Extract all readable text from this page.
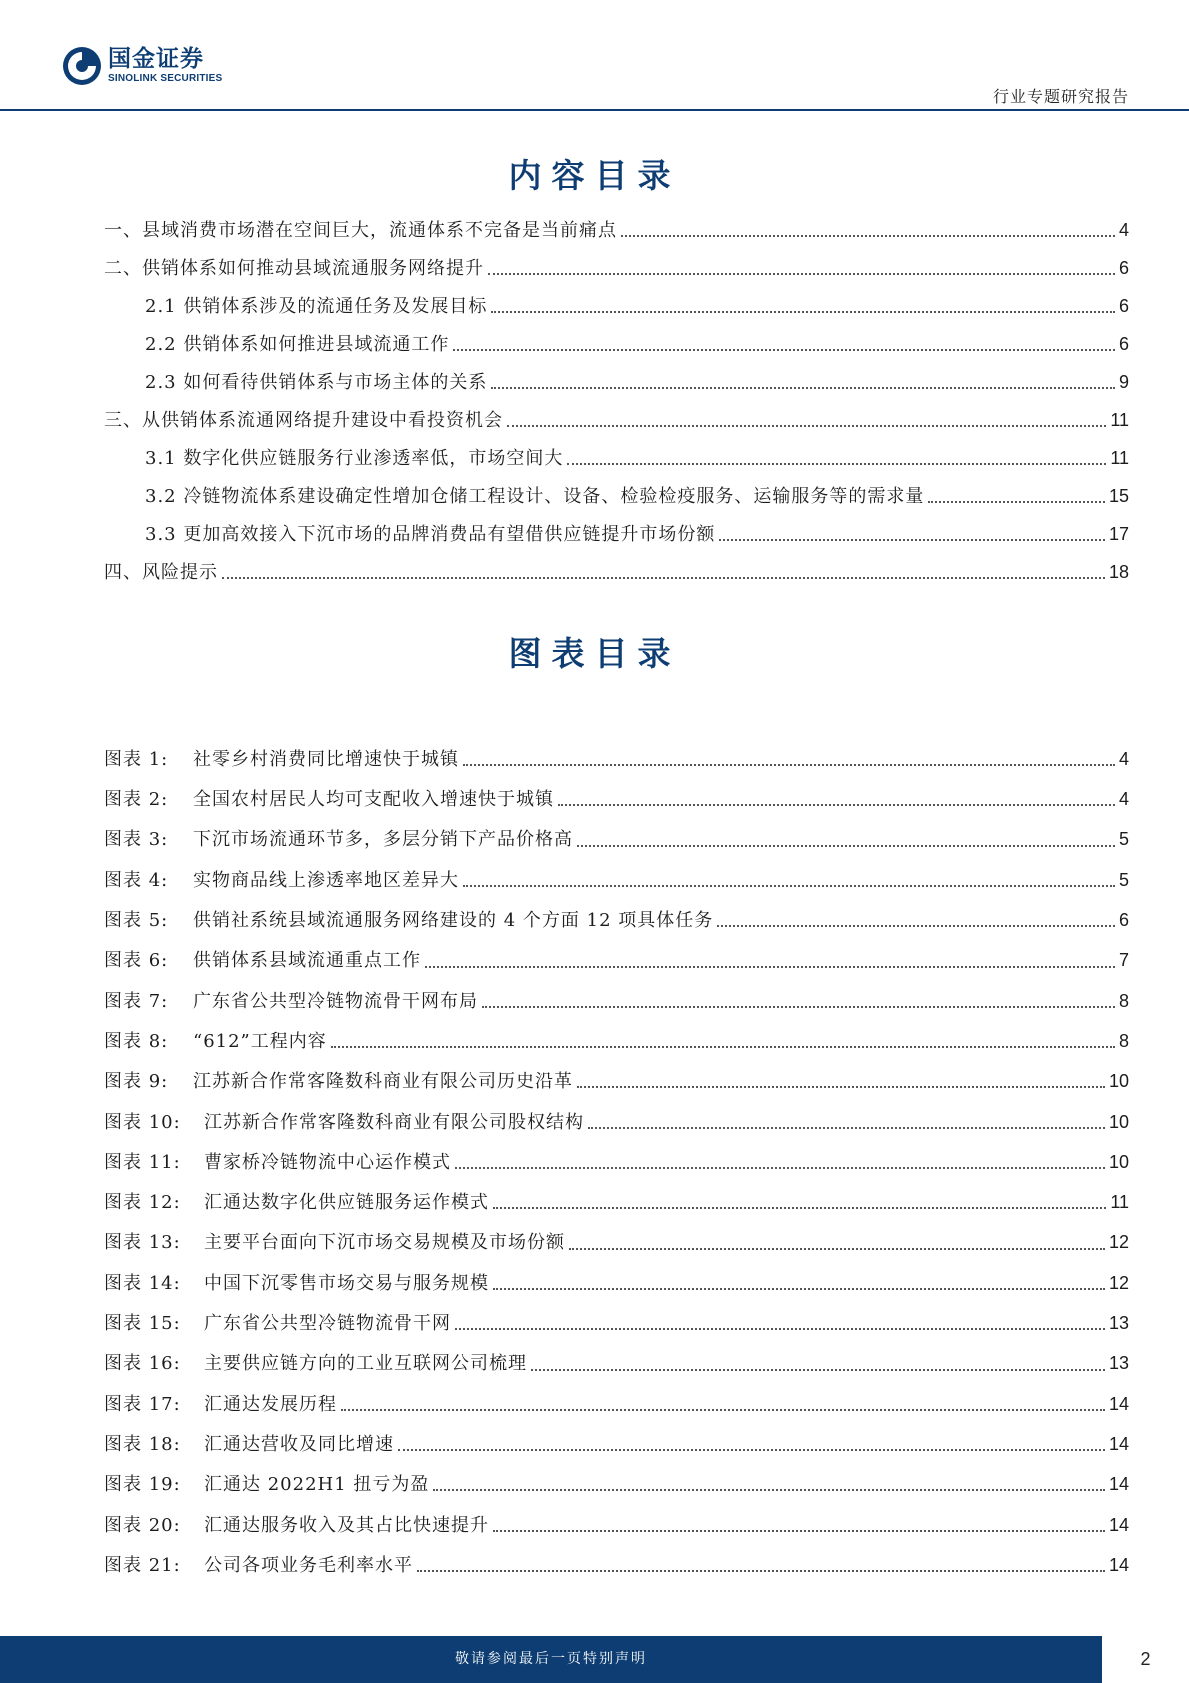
国金证券
SINOLINK SECURITIES
行业专题研究报告
内容目录
一、县域消费市场潜在空间巨大，流通体系不完备是当前痛点	4
二、供销体系如何推动县域流通服务网络提升	6
2.1 供销体系涉及的流通任务及发展目标	6
2.2 供销体系如何推进县域流通工作	6
2.3 如何看待供销体系与市场主体的关系	9
三、从供销体系流通网络提升建设中看投资机会	11
3.1 数字化供应链服务行业渗透率低，市场空间大	11
3.2 冷链物流体系建设确定性增加仓储工程设计、设备、检验检疫服务、运输服务等的需求量	15
3.3 更加高效接入下沉市场的品牌消费品有望借供应链提升市场份额	17
四、风险提示	18
图表目录
图表 1:	社零乡村消费同比增速快于城镇	4
图表 2:	全国农村居民人均可支配收入增速快于城镇	4
图表 3:	下沉市场流通环节多，多层分销下产品价格高	5
图表 4:	实物商品线上渗透率地区差异大	5
图表 5:	供销社系统县域流通服务网络建设的 4 个方面 12 项具体任务	6
图表 6:	供销体系县域流通重点工作	7
图表 7:	广东省公共型冷链物流骨干网布局	8
图表 8:	“612”工程内容	8
图表 9:	江苏新合作常客隆数科商业有限公司历史沿革	10
图表 10:	江苏新合作常客隆数科商业有限公司股权结构	10
图表 11:	曹家桥冷链物流中心运作模式	10
图表 12:	汇通达数字化供应链服务运作模式	11
图表 13:	主要平台面向下沉市场交易规模及市场份额	12
图表 14:	中国下沉零售市场交易与服务规模	12
图表 15:	广东省公共型冷链物流骨干网	13
图表 16:	主要供应链方向的工业互联网公司梳理	13
图表 17:	汇通达发展历程	14
图表 18:	汇通达营收及同比增速	14
图表 19:	汇通达 2022H1 扭亏为盈	14
图表 20:	汇通达服务收入及其占比快速提升	14
图表 21:	公司各项业务毛利率水平	14
敬请参阅最后一页特别声明	2
